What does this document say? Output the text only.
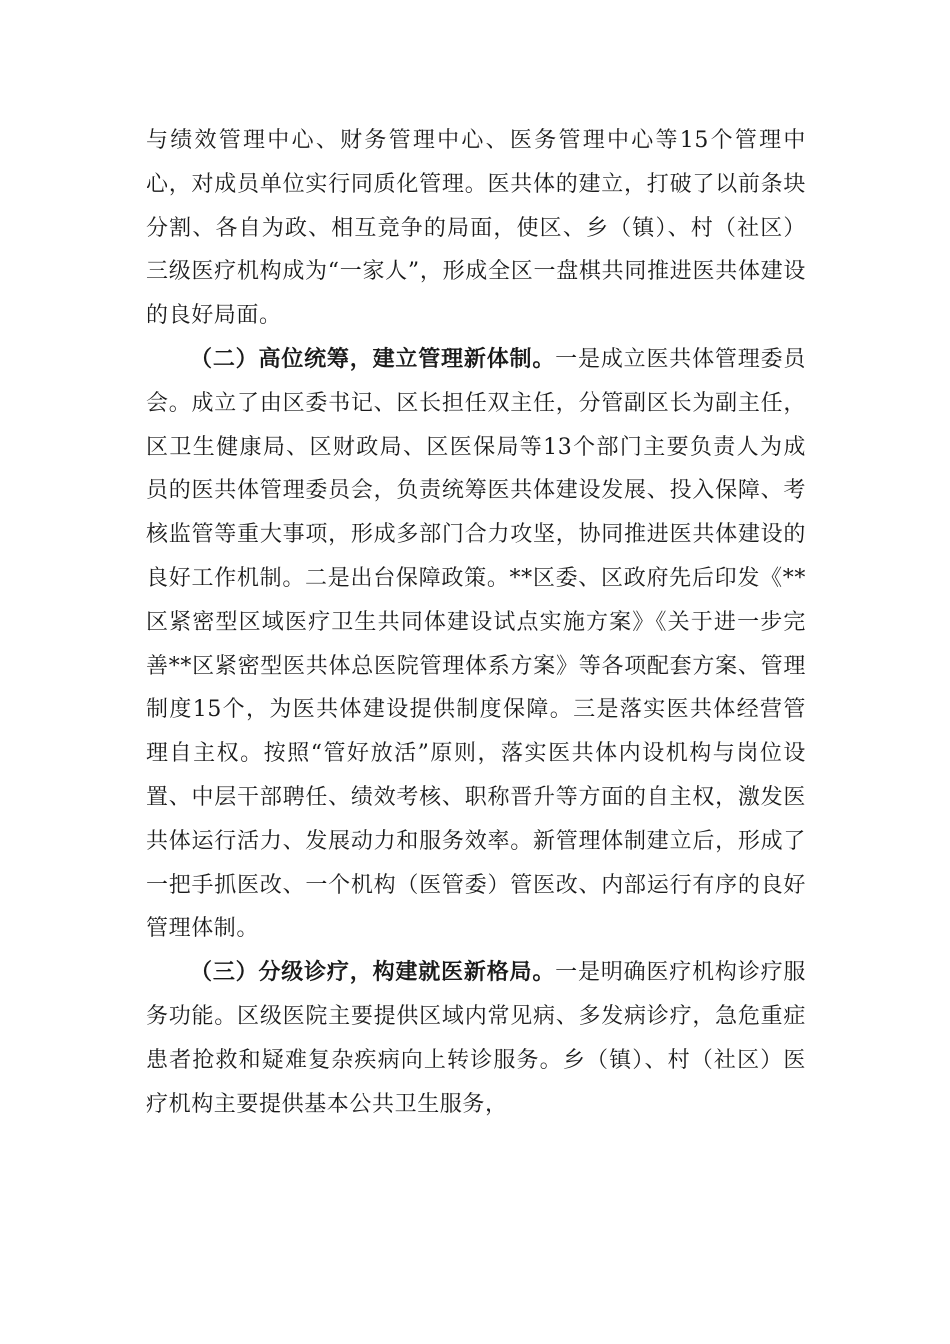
与绩效管理中心、财务管理中心、医务管理中心等15个管理中心，对成员单位实行同质化管理。医共体的建立，打破了以前条块分割、各自为政、相互竞争的局面，使区、乡（镇）、村（社区）三级医疗机构成为“一家人”，形成全区一盘棋共同推进医共体建设的良好局面。

（二）高位统筹，建立管理新体制。一是成立医共体管理委员会。成立了由区委书记、区长担任双主任，分管副区长为副主任，区卫生健康局、区财政局、区医保局等13个部门主要负责人为成员的医共体管理委员会，负责统筹医共体建设发展、投入保障、考核监管等重大事项，形成多部门合力攻坚，协同推进医共体建设的良好工作机制。二是出台保障政策。**区委、区政府先后印发《**区紧密型区域医疗卫生共同体建设试点实施方案》《关于进一步完善**区紧密型医共体总医院管理体系方案》等各项配套方案、管理制度15个，为医共体建设提供制度保障。三是落实医共体经营管理自主权。按照“管好放活”原则，落实医共体内设机构与岗位设置、中层干部聘任、绩效考核、职称晋升等方面的自主权，激发医共体运行活力、发展动力和服务效率。新管理体制建立后，形成了一把手抓医改、一个机构（医管委）管医改、内部运行有序的良好管理体制。

（三）分级诊疗，构建就医新格局。一是明确医疗机构诊疗服务功能。区级医院主要提供区域内常见病、多发病诊疗，急危重症患者抢救和疑难复杂疾病向上转诊服务。乡（镇）、村（社区）医疗机构主要提供基本公共卫生服务，
